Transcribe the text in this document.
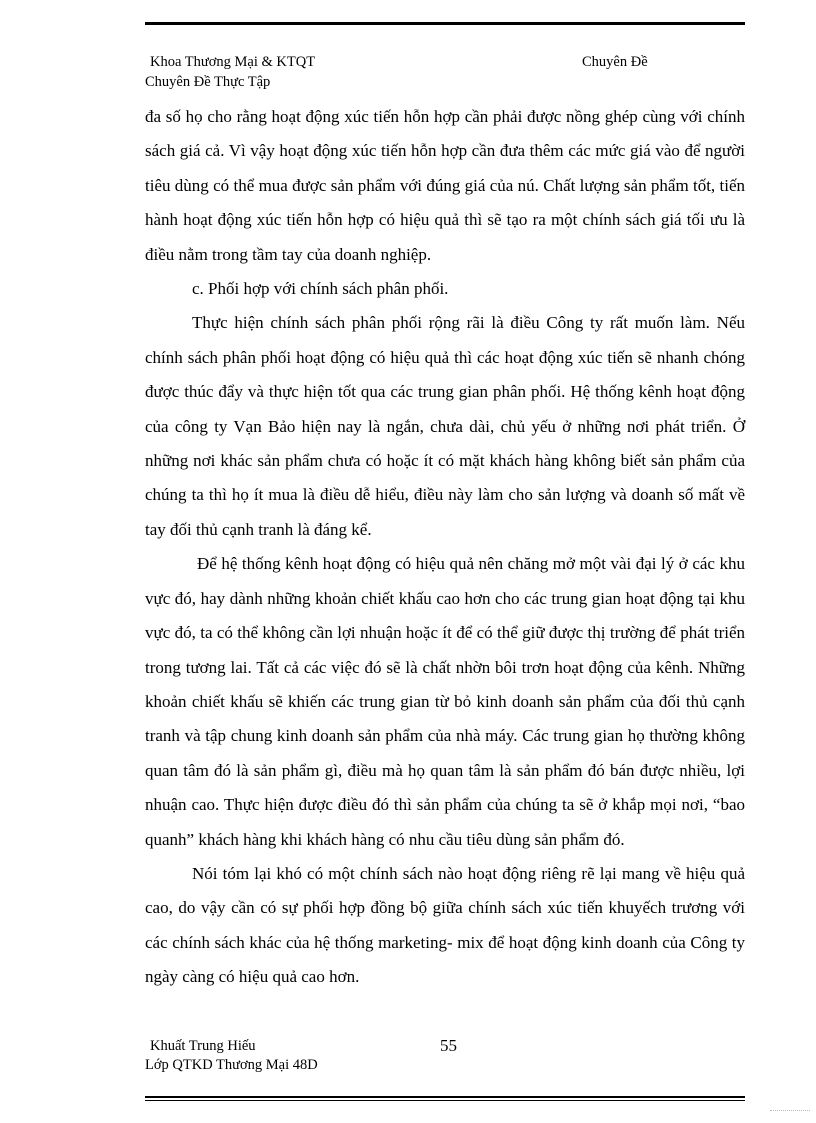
Khoa Thương Mại & KTQT	Chuyên Đề
Chuyên Đề Thực Tập

đa số họ cho rằng hoạt động xúc tiến hỗn hợp cần phải được nồng ghép cùng với chính sách giá cả. Vì vậy hoạt động xúc tiến hỗn hợp cần đưa thêm các mức giá vào để người tiêu dùng có thể mua được sản phẩm với đúng giá của nú. Chất lượng sản phẩm tốt, tiến hành hoạt động xúc tiến hỗn hợp có hiệu quả thì sẽ tạo ra một chính sách giá tối ưu là điều nằm trong tầm tay của doanh nghiệp.

c. Phối hợp với chính sách phân phối.

Thực hiện chính sách phân phối rộng rãi là điều Công ty rất muốn làm. Nếu chính sách phân phối hoạt động có hiệu quả thì các hoạt động xúc tiến sẽ nhanh chóng được thúc đẩy và thực hiện tốt qua các trung gian phân phối. Hệ thống kênh hoạt động của công ty Vạn Bảo hiện nay là ngắn, chưa dài, chủ yếu ở những nơi phát triển. Ở những nơi khác sản phẩm chưa có hoặc ít có mặt khách hàng không biết sản phẩm của chúng ta thì họ ít mua là điều dễ hiểu, điều này làm cho sản lượng và doanh số mất về tay đối thủ cạnh tranh là đáng kể.

Để hệ thống kênh hoạt động có hiệu quả nên chăng mở một vài đại lý ở các khu vực đó, hay dành những khoản chiết khấu cao hơn cho các trung gian hoạt động tại khu vực đó, ta có thể không cần lợi nhuận hoặc ít để có thể giữ được thị trường để phát triển trong tương lai. Tất cả các việc đó sẽ là chất nhờn bôi trơn hoạt động của kênh. Những khoản chiết khấu sẽ khiến các trung gian từ bỏ kinh doanh sản phẩm của đối thủ cạnh tranh và tập chung kinh doanh sản phẩm của nhà máy. Các trung gian họ thường không quan tâm đó là sản phẩm gì, điều mà họ quan tâm là sản phẩm đó bán được nhiều, lợi nhuận cao. Thực hiện được điều đó thì sản phẩm của chúng ta sẽ ở khắp mọi nơi, “bao quanh” khách hàng khi khách hàng có nhu cầu tiêu dùng sản phẩm đó.

Nói tóm lại khó có một chính sách nào hoạt động riêng rẽ lại mang về hiệu quả cao, do vậy cần có sự phối hợp đồng bộ giữa chính sách xúc tiến khuyếch trương với các chính sách khác của hệ thống marketing- mix để hoạt động kinh doanh của Công ty ngày càng có hiệu quả cao hơn.

Khuất Trung Hiếu
Lớp QTKD Thương Mại 48D
55
